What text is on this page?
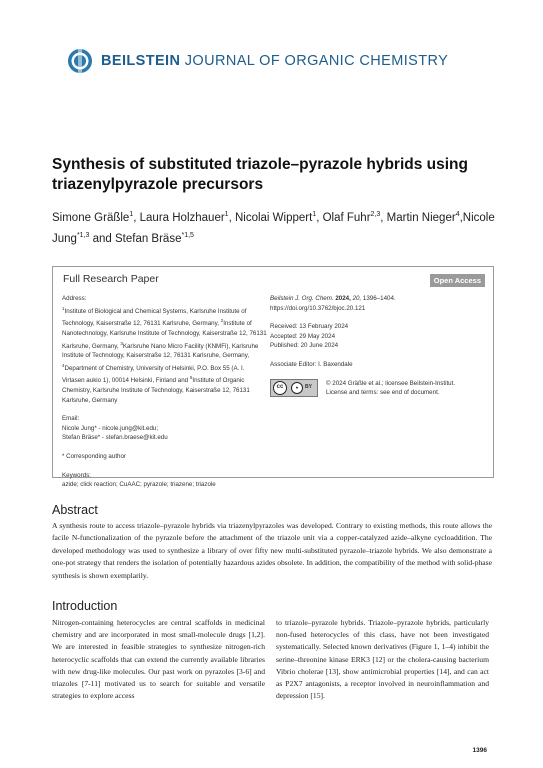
BEILSTEIN JOURNAL OF ORGANIC CHEMISTRY
Synthesis of substituted triazole–pyrazole hybrids using triazenylpyrazole precursors
Simone Gräßle$^1$, Laura Holzhauer$^1$, Nicolai Wippert$^1$, Olaf Fuhr$^{2,3}$, Martin Nieger$^4$,Nicole Jung$^{*1,3}$ and Stefan Bräse$^{*1,5}$
Full Research Paper	Open Access
Address:
$^1$Institute of Biological and Chemical Systems, Karlsruhe Institute of Technology, Kaiserstraße 12, 76131 Karlsruhe, Germany, $^2$Institute of Nanotechnology, Karlsruhe Institute of Technology, Kaiserstraße 12, 76131 Karlsruhe, Germany, $^3$Karlsruhe Nano Micro Facility (KNMFi), Karlsruhe Institute of Technology, Kaiserstraße 12, 76131 Karlsruhe, Germany, $^4$Department of Chemistry, University of Helsinki, P.O. Box 55 (A. I. Virtasen aukio 1), 00014 Helsinki, Finland and $^5$Institute of Organic Chemistry, Karlsruhe Institute of Technology, Kaiserstraße 12, 76131 Karlsruhe, Germany
Email:
Nicole Jung* - nicole.jung@kit.edu;
Stefan Bräse* - stefan.braese@kit.edu
* Corresponding author
Keywords:
azide; click reaction; CuAAC; pyrazole; triazene; triazole
Beilstein J. Org. Chem. 2024, 20, 1396–1404.
https://doi.org/10.3762/bjoc.20.121
Received: 13 February 2024
Accepted: 29 May 2024
Published: 20 June 2024
Associate Editor: I. Baxendale
cc	●	BY
© 2024 Gräßle et al.; licensee Beilstein-Institut.
License and terms: see end of document.
Abstract
A synthesis route to access triazole–pyrazole hybrids via triazenylpyrazoles was developed. Contrary to existing methods, this route allows the facile N-functionalization of the pyrazole before the attachment of the triazole unit via a copper-catalyzed azide–alkyne cycloaddition. The developed methodology was used to synthesize a library of over fifty new multi-substituted pyrazole–triazole hybrids. We also demonstrate a one-pot strategy that renders the isolation of potentially hazardous azides obsolete. In addition, the compatibility of the method with solid-phase synthesis is shown exemplarily.
Introduction
Nitrogen-containing heterocycles are central scaffolds in medicinal chemistry and are incorporated in most small-molecule drugs [1,2]. We are interested in feasible strategies to synthesize nitrogen-rich heterocyclic scaffolds that can extend the currently available libraries with new drug-like molecules. Our past work on pyrazoles [3-6] and triazoles [7-11] motivated us to search for suitable and versatile strategies to explore access
to triazole–pyrazole hybrids. Triazole–pyrazole hybrids, particularly non-fused heterocycles of this class, have not been investigated systematically. Selected known derivatives (Figure 1, 1–4) inhibit the serine–threonine kinase ERK3 [12] or the cholera-causing bacterium Vibrio cholerae [13], show antimicrobial properties [14], and can act as P2X7 antagonists, a receptor involved in neuroinflammation and depression [15].
1396
